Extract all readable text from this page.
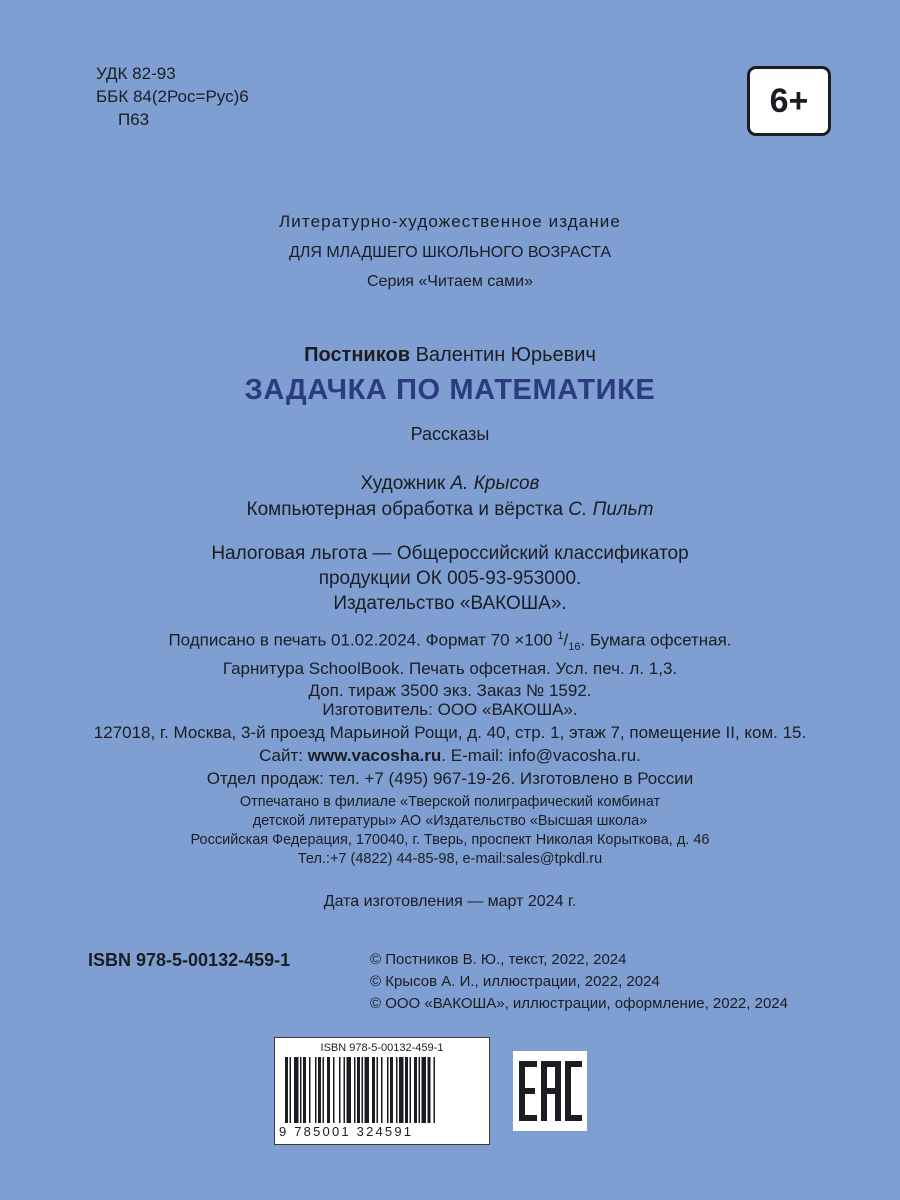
УДК 82-93
ББК 84(2Рос=Рус)6
П63	6+
Литературно-художественное издание
ДЛЯ МЛАДШЕГО ШКОЛЬНОГО ВОЗРАСТА
Серия «Читаем сами»
Постников Валентин Юрьевич
ЗАДАЧКА ПО МАТЕМАТИКЕ
Рассказы
Художник А. Крысов
Компьютерная обработка и вёрстка С. Пильт
Налоговая льгота — Общероссийский классификатор
продукции ОК 005-93-953000.
Издательство «ВАКОША».
Подписано в печать 01.02.2024. Формат 70 ×100 $^1/_{16}$. Бумага офсетная.
Гарнитура SchoolBook. Печать офсетная. Усл. печ. л. 1,3.
Доп. тираж 3500 экз. Заказ № 1592.
Изготовитель: ООО «ВАКОША».
127018, г. Москва, 3-й проезд Марьиной Рощи, д. 40, стр. 1, этаж 7, помещение II, ком. 15.
Сайт: www.vacosha.ru. E-mail: info@vacosha.ru.
Отдел продаж: тел. +7 (495) 967-19-26. Изготовлено в России
Отпечатано в филиале «Тверской полиграфический комбинат
детской литературы» АО «Издательство «Высшая школа»
Российская Федерация, 170040, г. Тверь, проспект Николая Корыткова, д. 46
Тел.:+7 (4822) 44-85-98, e-mail:sales@tpkdl.ru
Дата изготовления — март 2024 г.
ISBN 978-5-00132-459-1	© Постников В. Ю., текст, 2022, 2024
© Крысов А. И., иллюстрации, 2022, 2024
© ООО «ВАКОША», иллюстрации, оформление, 2022, 2024
ISBN 978-5-00132-459-1
9 785001 324591
